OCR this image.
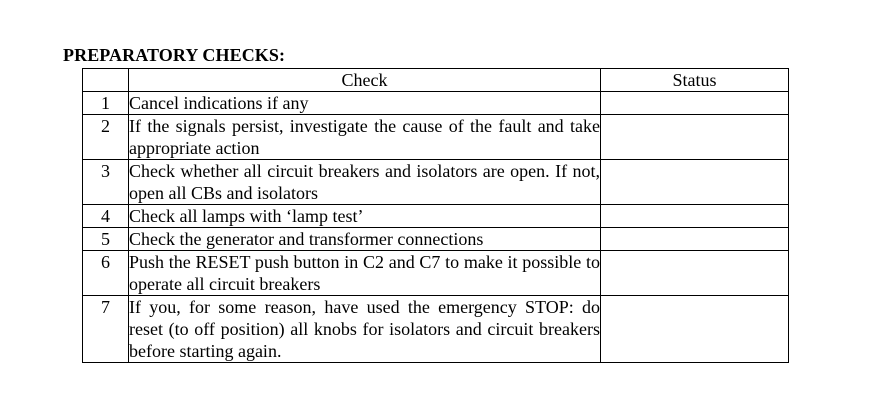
PREPARATORY CHECKS:
	Check	Status
1	Cancel indications if any	
2	If the signals persist, investigate the cause of the fault and take appropriate action	
3	Check whether all circuit breakers and isolators are open. If not, open all CBs and isolators	
4	Check all lamps with ‘lamp test’	
5	Check the generator and transformer connections	
6	Push the RESET push button in C2 and C7 to make it possible to operate all circuit breakers	
7	If you, for some reason, have used the emergency STOP: do reset (to off position) all knobs for isolators and circuit breakers before starting again.	
